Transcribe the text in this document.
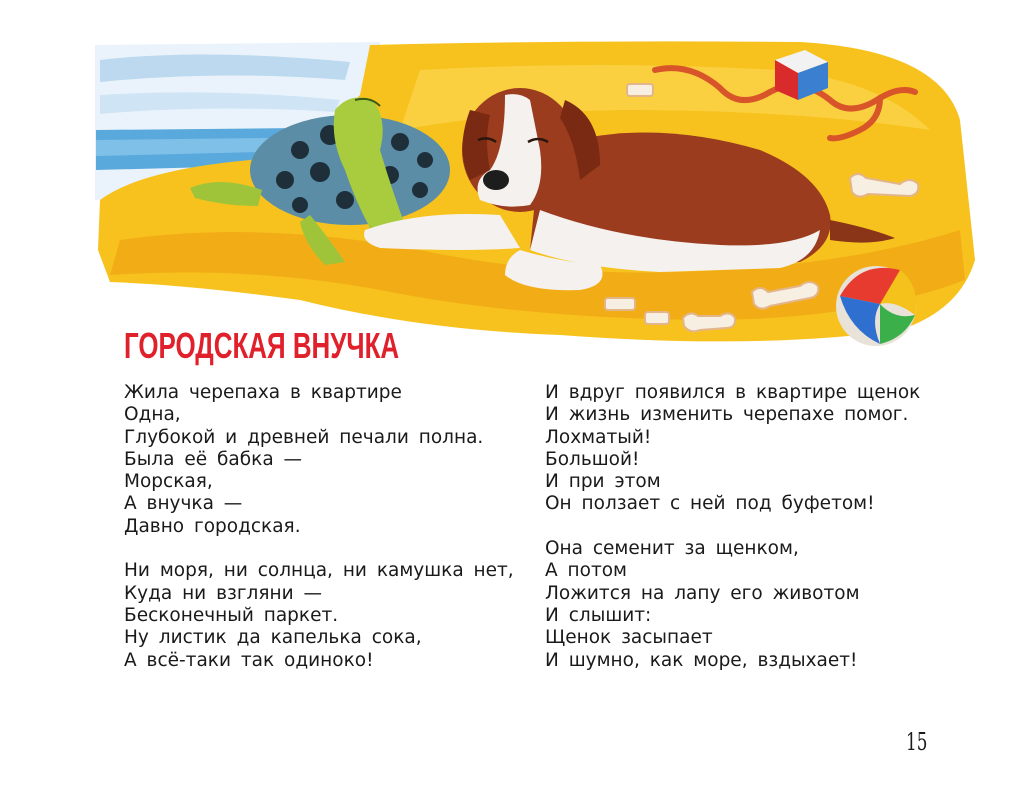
ГОРОДСКАЯ ВНУЧКА
Жила черепаха в квартире
Одна,
Глубокой и древней печали полна.
Была её бабка —
Морская,
А внучка —
Давно городская.
Ни моря, ни солнца, ни камушка нет,
Куда ни взгляни —
Бесконечный паркет.
Ну листик да капелька сока,
А всё-таки так одиноко!
И вдруг появился в квартире щенок
И жизнь изменить черепахе помог.
Лохматый!
Большой!
И при этом
Он ползает с ней под буфетом!
Она семенит за щенком,
А потом
Ложится на лапу его животом
И слышит:
Щенок засыпает
И шумно, как море, вздыхает!
15
